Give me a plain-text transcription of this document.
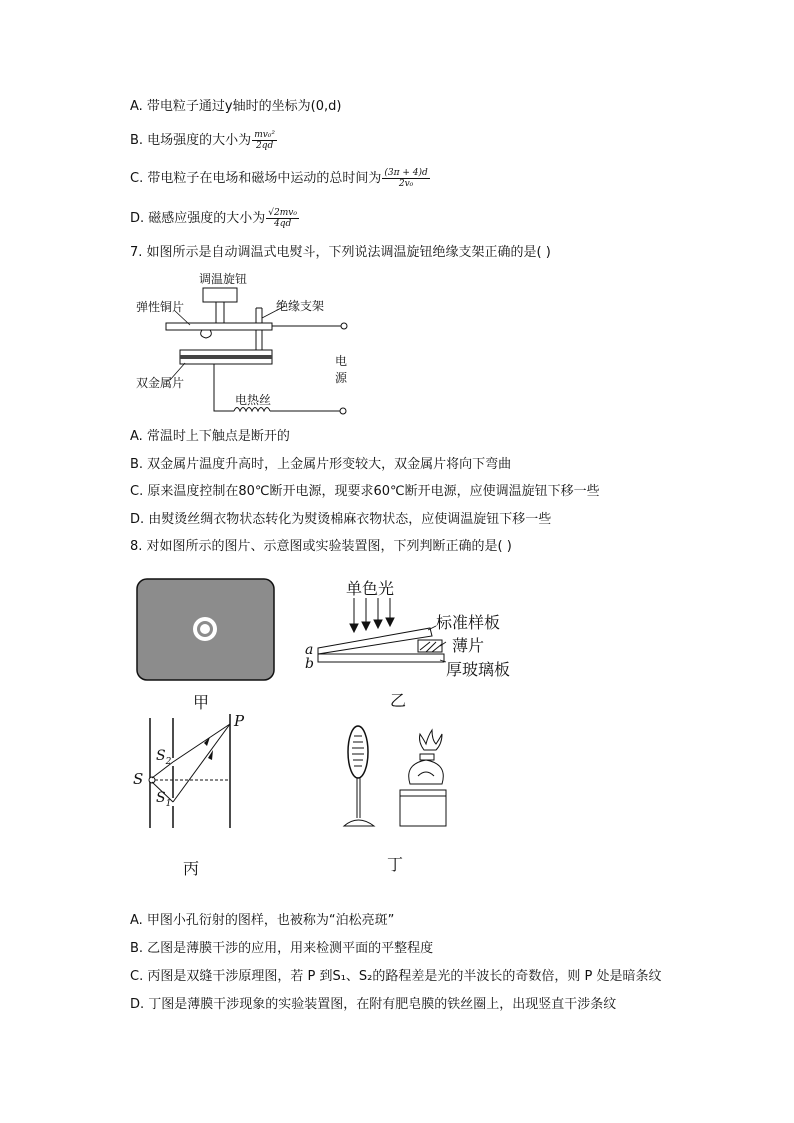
A. 带电粒子通过y轴时的坐标为(0,d)
B. 电场强度的大小为 $\frac{\text{mv₀²}}{2qd}$
C. 带电粒子在电场和磁场中运动的总时间为 $\frac{(3\pi + 4)d}{\text{2v₀}}$
D. 磁感应强度的大小为 $\frac{\text{√2mv₀}}{4qd}$
7. 如图所示是自动调温式电熨斗，下列说法调温旋钮绝缘支架正确的是( )
调温旋钮
弹性铜片	绝缘支架
双金属片
电热丝
电
源
A. 常温时上下触点是断开的
B. 双金属片温度升高时，上金属片形变较大，双金属片将向下弯曲
C. 原来温度控制在80℃断开电源，现要求60℃断开电源，应使调温旋钮下移一些
D. 由熨烫丝绸衣物状态转化为熨烫棉麻衣物状态，应使调温旋钮下移一些
8. 对如图所示的图片、示意图或实验装置图，下列判断正确的是( )
甲
单色光
标准样板
薄片
厚玻璃板
a
b
乙
P
S
$S_2$
$S_1$
丙	丁
A. 甲图小孔衍射的图样，也被称为“泊松亮斑”
B. 乙图是薄膜干涉的应用，用来检测平面的平整程度
C. 丙图是双缝干涉原理图，若 P 到S₁、S₂的路程差是光的半波长的奇数倍，则 P 处是暗条纹
D. 丁图是薄膜干涉现象的实验装置图，在附有肥皂膜的铁丝圈上，出现竖直干涉条纹
